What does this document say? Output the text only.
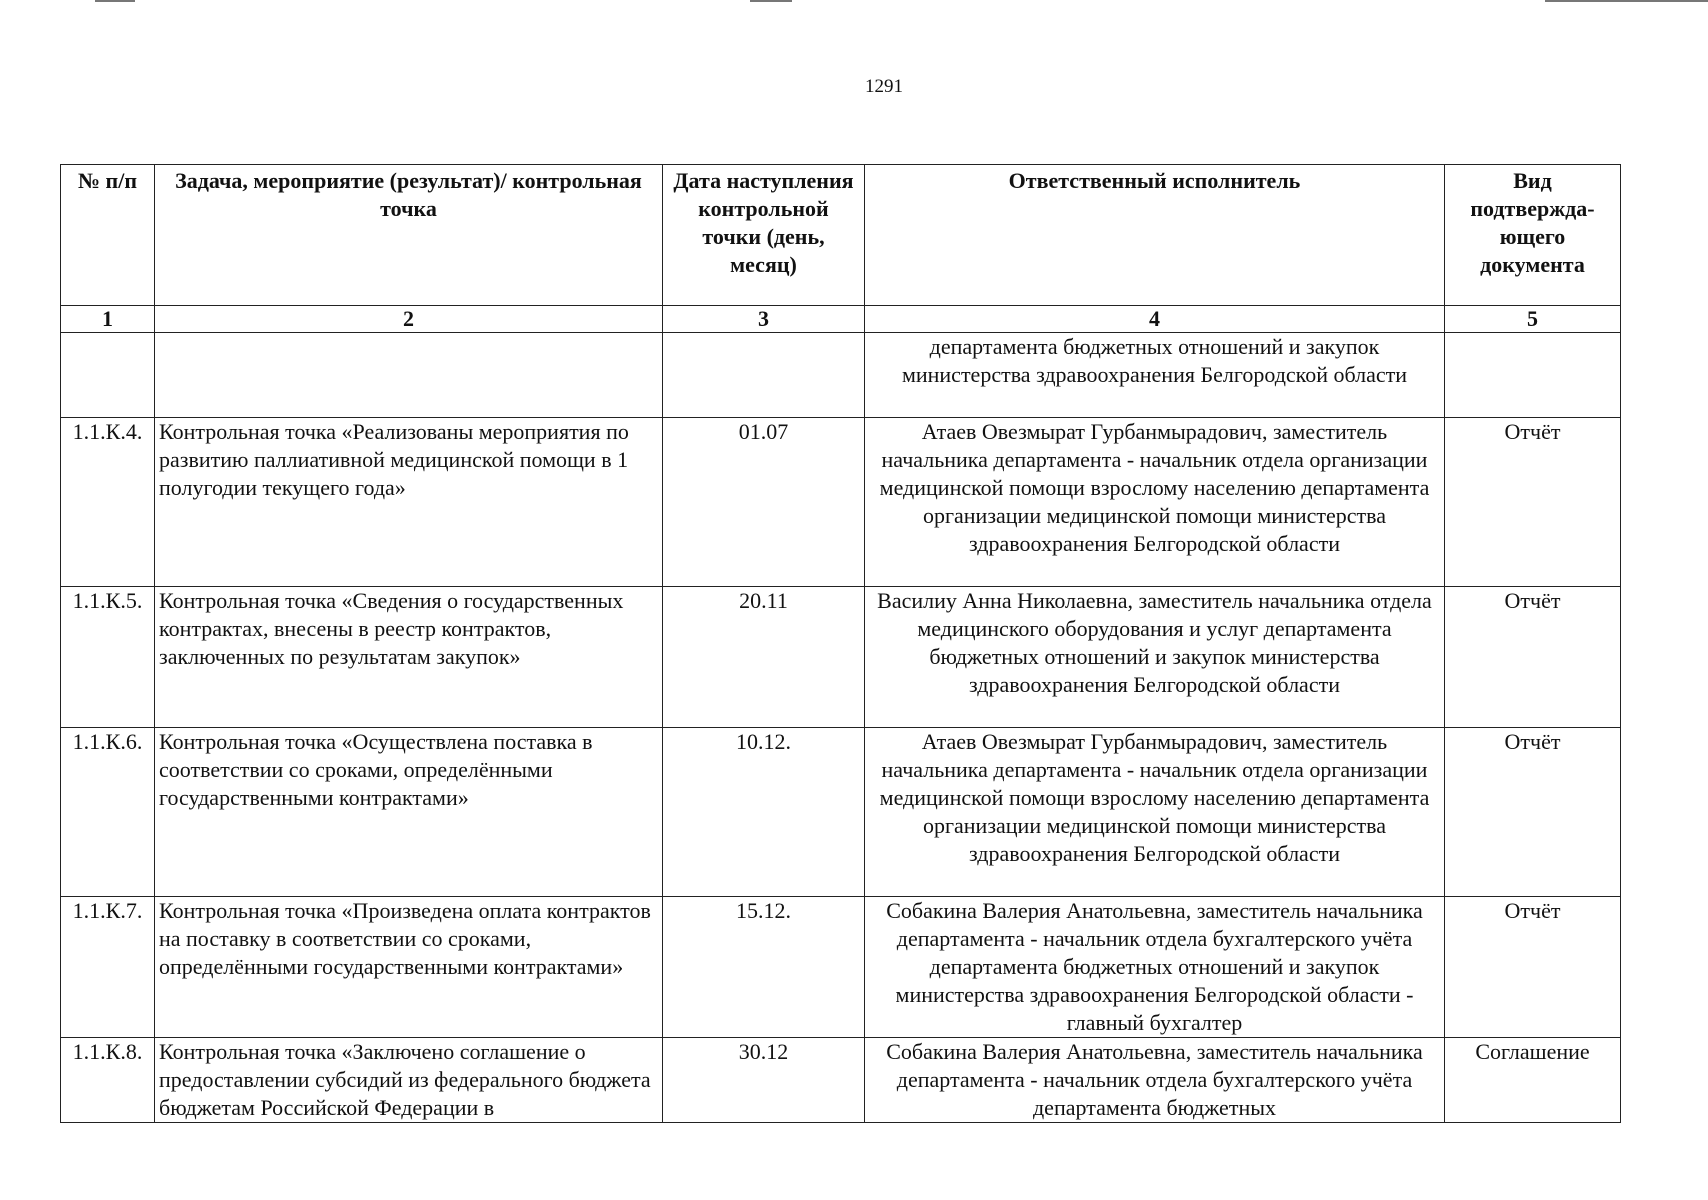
1291
№ п/п	Задача, мероприятие (результат)/ контрольная точка	Дата наступления контрольной точки (день, месяц)	Ответственный исполнитель	Вид подтвержда-ющего документа
1	2	3	4	5
			департамента бюджетных отношений и закупок министерства здравоохранения Белгородской области	
1.1.К.4.	Контрольная точка «Реализованы мероприятия по развитию паллиативной медицинской помощи в 1 полугодии текущего года»	01.07	Атаев Овезмырат Гурбанмырадович, заместитель начальника департамента - начальник отдела организации медицинской помощи взрослому населению департамента организации медицинской помощи министерства здравоохранения Белгородской области	Отчёт
1.1.К.5.	Контрольная точка «Сведения о государственных контрактах, внесены в реестр контрактов, заключенных по результатам закупок»	20.11	Василиу Анна Николаевна, заместитель начальника отдела медицинского оборудования и услуг департамента бюджетных отношений и закупок министерства здравоохранения Белгородской области	Отчёт
1.1.К.6.	Контрольная точка «Осуществлена поставка в соответствии со сроками, определёнными государственными контрактами»	10.12.	Атаев Овезмырат Гурбанмырадович, заместитель начальника департамента - начальник отдела организации медицинской помощи взрослому населению департамента организации медицинской помощи министерства здравоохранения Белгородской области	Отчёт
1.1.К.7.	Контрольная точка «Произведена оплата контрактов на поставку в соответствии со сроками, определёнными государственными контрактами»	15.12.	Собакина Валерия Анатольевна, заместитель начальника департамента - начальник отдела бухгалтерского учёта департамента бюджетных отношений и закупок министерства здравоохранения Белгородской области - главный бухгалтер	Отчёт
1.1.К.8.	Контрольная точка «Заключено соглашение о предоставлении субсидий из федерального бюджета бюджетам Российской Федерации в	30.12	Собакина Валерия Анатольевна, заместитель начальника департамента - начальник отдела бухгалтерского учёта департамента бюджетных	Соглашение
